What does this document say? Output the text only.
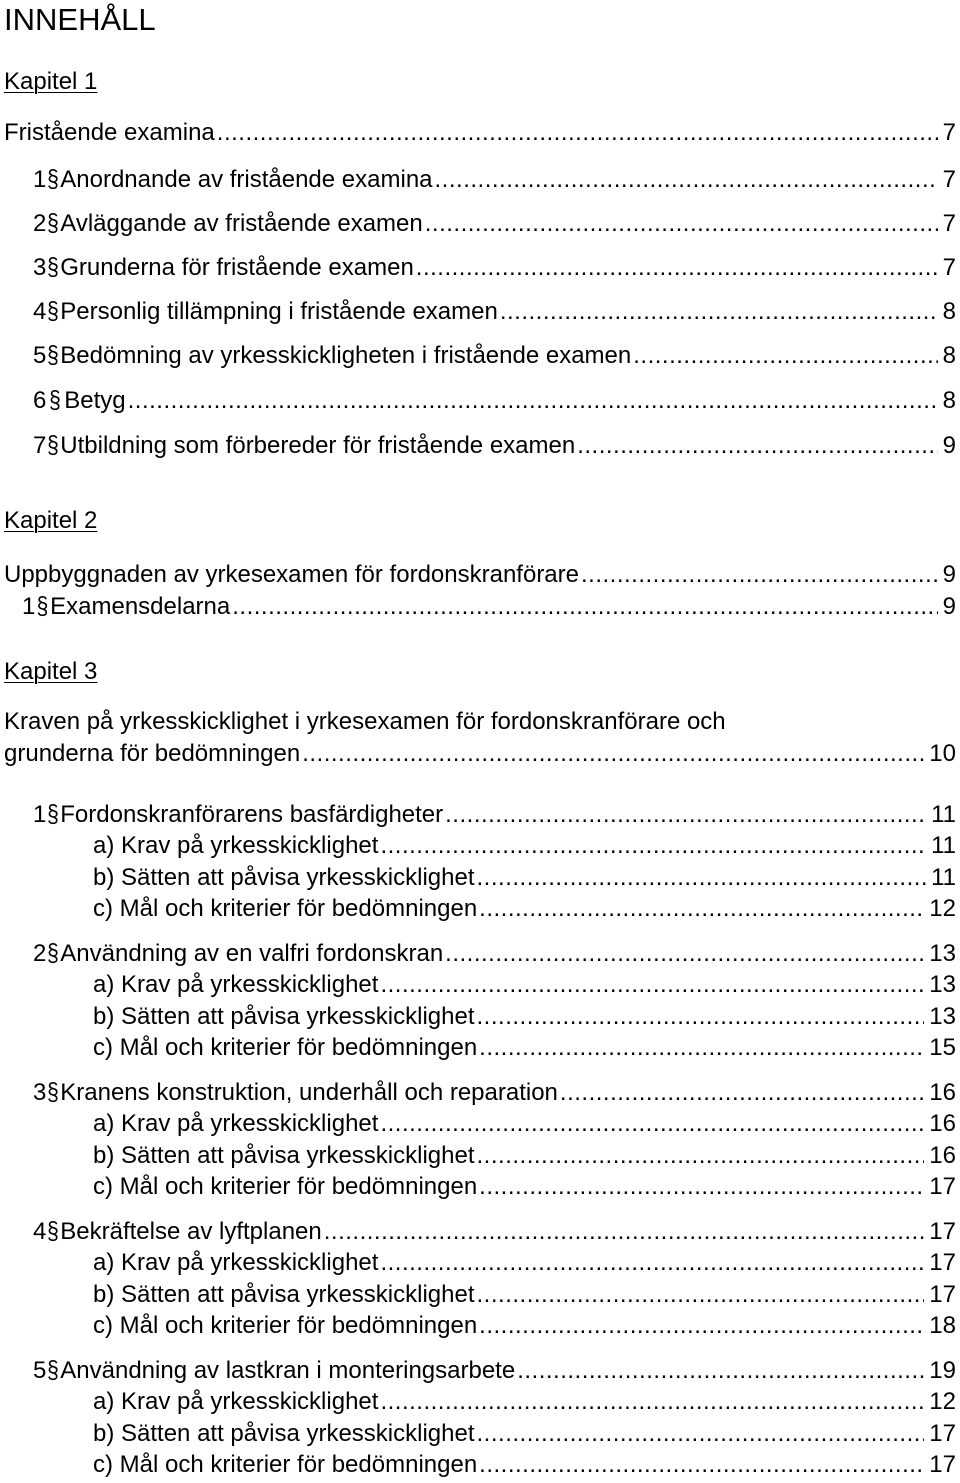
INNEHÅLL
Kapitel 1
Fristående examina .....	7
1 § Anordnande av fristående examina .....	7
2 § Avläggande av fristående examen .....	7
3 § Grunderna för fristående examen .....	7
4 § Personlig tillämpning i fristående examen .....	8
5 § Bedömning av yrkesskickligheten i fristående examen .....	8
6 § Betyg .....	8
7 § Utbildning som förbereder för fristående examen .....	9
Kapitel 2
Uppbyggnaden av yrkesexamen för fordonskranförare .....	9
1 § Examensdelarna .....	9
Kapitel 3
Kraven på yrkesskicklighet i yrkesexamen för fordonskranförare och
grunderna för bedömningen .....	10
1 § Fordonskranförarens basfärdigheter .....	11
a) Krav på yrkesskicklighet .....	11
b) Sätten att påvisa yrkesskicklighet .....	11
c) Mål och kriterier för bedömningen .....	12
2 § Användning av en valfri fordonskran .....	13
a) Krav på yrkesskicklighet .....	13
b) Sätten att påvisa yrkesskicklighet .....	13
c) Mål och kriterier för bedömningen .....	15
3 § Kranens konstruktion, underhåll och reparation .....	16
a) Krav på yrkesskicklighet .....	16
b) Sätten att påvisa yrkesskicklighet .....	16
c) Mål och kriterier för bedömningen .....	17
4 § Bekräftelse av lyftplanen .....	17
a) Krav på yrkesskicklighet .....	17
b) Sätten att påvisa yrkesskicklighet .....	17
c) Mål och kriterier för bedömningen .....	18
5 § Användning av lastkran i monteringsarbete .....	19
a) Krav på yrkesskicklighet .....	12
b) Sätten att påvisa yrkesskicklighet .....	17
c) Mål och kriterier för bedömningen .....	17
